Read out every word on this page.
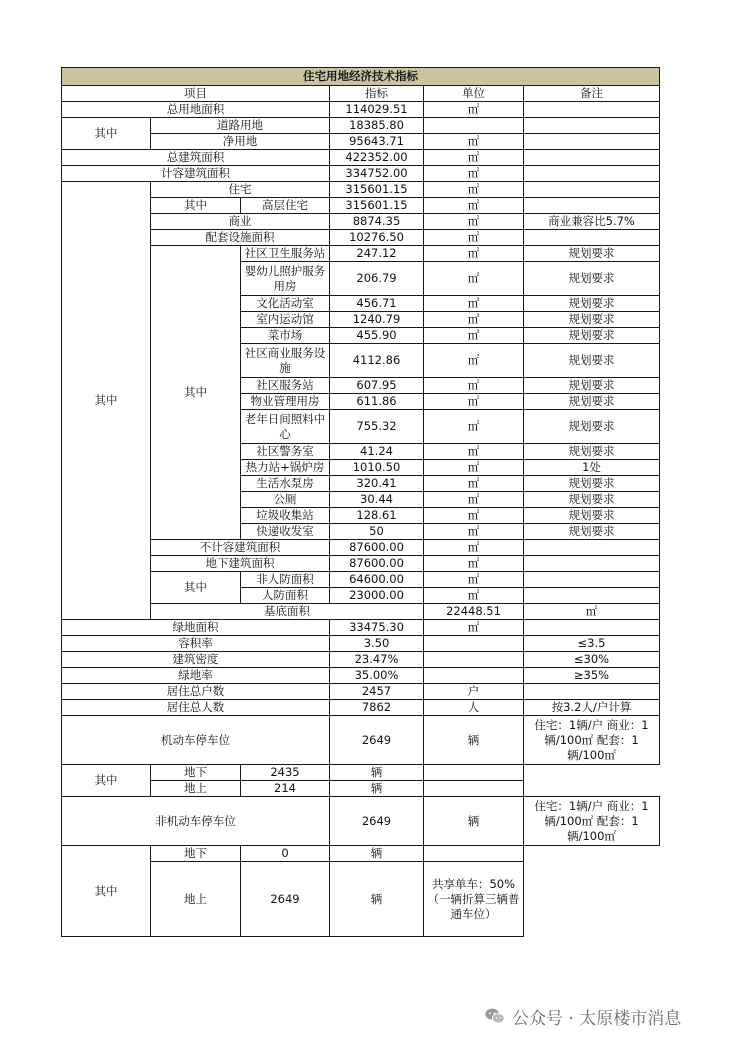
住宅用地经济技术指标						
项目			指标	单位	备注	
总用地面积			114029.51	㎡		
其中	道路用地		18385.80			
	净用地		95643.71	㎡		
总建筑面积			422352.00	㎡		
计容建筑面积			334752.00	㎡		
其中	住宅		315601.15	㎡		
	其中	高层住宅	315601.15	㎡		
	商业		8874.35	㎡	商业兼容比5.7%	
	配套设施面积		10276.50	㎡		
	其中	社区卫生服务站	247.12	㎡	规划要求	
		婴幼儿照护服务用房	206.79	㎡	规划要求	
		文化活动室	456.71	㎡	规划要求	
		室内运动馆	1240.79	㎡	规划要求	
		菜市场	455.90	㎡	规划要求	
		社区商业服务设施	4112.86	㎡	规划要求	
		社区服务站	607.95	㎡	规划要求	
		物业管理用房	611.86	㎡	规划要求	
		老年日间照料中心	755.32	㎡	规划要求	
		社区警务室	41.24	㎡	规划要求	
		热力站+锅炉房	1010.50	㎡	1处	
		生活水泵房	320.41	㎡	规划要求	
		公厕	30.44	㎡	规划要求	
		垃圾收集站	128.61	㎡	规划要求	
		快递收发室	50	㎡	规划要求	
	不计容建筑面积		87600.00	㎡		
	地下建筑面积		87600.00	㎡		
	其中	非人防面积	64600.00	㎡		
		人防面积	23000.00	㎡		
	基底面积			22448.51	㎡	
绿地面积			33475.30	㎡		
容积率			3.50		≤3.5	
建筑密度			23.47%		≤30%	
绿地率			35.00%		≥35%	
居住总户数			2457	户		
居住总人数			7862	人	按3.2人/户计算	
机动车停车位			2649	辆	住宅：1辆/户 商业：1辆/100㎡ 配套：1辆/100㎡	
其中	地下	2435	辆			
	地上	214	辆			
非机动车停车位			2649	辆	住宅：1辆/户 商业：1辆/100㎡ 配套：1辆/100㎡	
其中	地下	0	辆			
	地上	2649	辆	共享单车：50%（一辆折算三辆普通车位）		
公众号 · 太原楼市消息
